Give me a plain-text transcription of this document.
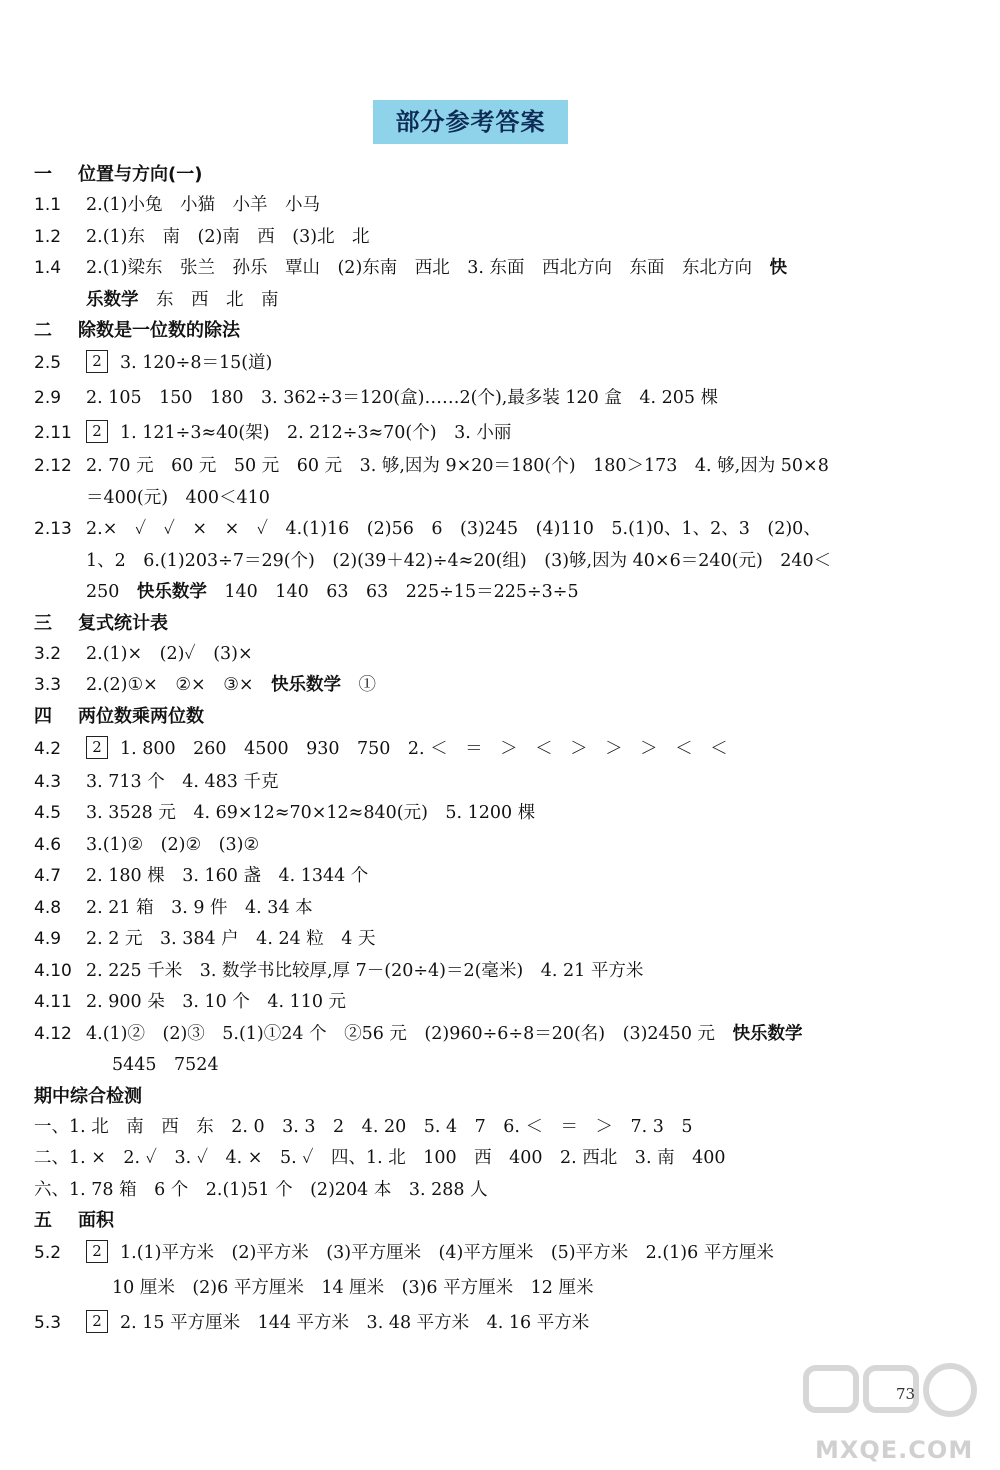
部分参考答案
一 位置与方向(一)
1.1 2.(1)小兔　小猫　小羊　小马
1.2 2.(1)东　南　(2)南　西　(3)北　北
1.4 2.(1)梁东　张兰　孙乐　覃山　(2)东南　西北　3. 东面　西北方向　东面　东北方向　 快
乐数学　 东　西　北　南
二 除数是一位数的除法
2.5 2 3. 120÷8＝15(道)
2.9 2. 105　150　180　3. 362÷3＝120(盒)……2(个),最多装 120 盒　4. 205 棵
2.11 2 1. 121÷3≈40(架)　2. 212÷3≈70(个)　3. 小丽
2.12 2. 70 元　60 元　50 元　60 元　3. 够,因为 9×20＝180(个)　180＞173　4. 够,因为 50×8
＝400(元)　400＜410
2.13 2.×　✓　✓　×　×　✓　4.(1)16　(2)56　6　(3)245　(4)110　5.(1)0、1、2、3　(2)0、
1、2　6.(1)203÷7＝29(个)　(2)(39＋42)÷4≈20(组)　(3)够,因为 40×6＝240(元)　240＜
250　 快乐数学　 140　140　63　63　225÷15＝225÷3÷5
三 复式统计表
3.2 2.(1)×　(2)✓　(3)×
3.3 2.(2)①×　②×　③×　 快乐数学　 ①
四 两位数乘两位数
4.2 2 1. 800　260　4500　930　750　2. ＜　＝　＞　＜　＞　＞　＞　＜　＜
4.3 3. 713 个　4. 483 千克
4.5 3. 3528 元　4. 69×12≈70×12≈840(元)　5. 1200 棵
4.6 3.(1)②　(2)②　(3)②
4.7 2. 180 棵　3. 160 盏　4. 1344 个
4.8 2. 21 箱　3. 9 件　4. 34 本
4.9 2. 2 元　3. 384 户　4. 24 粒　4 天
4.10 2. 225 千米　3. 数学书比较厚,厚 7－(20÷4)＝2(毫米)　4. 21 平方米
4.11 2. 900 朵　3. 10 个　4. 110 元
4.12 4.(1)②　(2)③　5.(1)①24 个　②56 元　(2)960÷6÷8＝20(名)　(3)2450 元　 快乐数学
5445　7524
期中综合检测
一、1. 北　南　西　东　2. 0　3. 3　2　4. 20　5. 4　7　6. ＜　＝　＞　7. 3　5
二、1. ×　2. ✓　3. ✓　4. ×　5. ✓　四、1. 北　100　西　400　2. 西北　3. 南　400
六、1. 78 箱　6 个　2.(1)51 个　(2)204 本　3. 288 人
五 面积
5.2 2 1.(1)平方米　(2)平方米　(3)平方厘米　(4)平方厘米　(5)平方米　2.(1)6 平方厘米
10 厘米　(2)6 平方厘米　14 厘米　(3)6 平方厘米　12 厘米
5.3 2 2. 15 平方厘米　144 平方米　3. 48 平方米　4. 16 平方米
73
MXQE.COM
